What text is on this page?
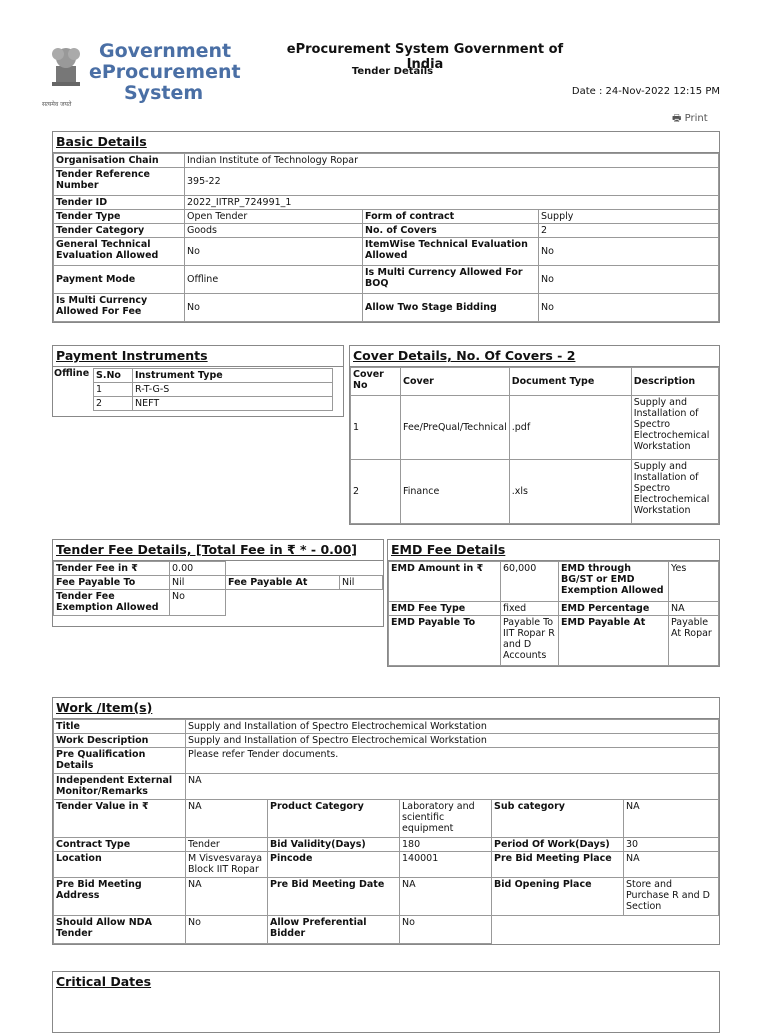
सत्यमेव जयते
Government
eProcurement
System
eProcurement System Government of India
Tender Details
Date : 24-Nov-2022 12:15 PM
🖶 Print
Basic Details
Organisation Chain	Indian Institute of Technology Ropar		
Tender Reference Number	395-22		
Tender ID	2022_IITRP_724991_1		
Tender Type	Open Tender	Form of contract	Supply
Tender Category	Goods	No. of Covers	2
General Technical Evaluation Allowed	No	ItemWise Technical Evaluation Allowed	No
Payment Mode	Offline	Is Multi Currency Allowed For BOQ	No
Is Multi Currency Allowed For Fee	No	Allow Two Stage Bidding	No
Payment Instruments
Offline S.No	Instrument Type
1	R-T-G-S
2	NEFT
Cover Details, No. Of Covers - 2
Cover No	Cover	Document Type	Description
1	Fee/PreQual/Technical	.pdf	Supply and Installation of Spectro Electrochemical Workstation
2	Finance	.xls	Supply and Installation of Spectro Electrochemical Workstation
Tender Fee Details, [Total Fee in ₹ * - 0.00]
Tender Fee in ₹	0.00		
Fee Payable To	Nil	Fee Payable At	Nil
Tender Fee Exemption Allowed	No		
EMD Fee Details
EMD Amount in ₹	60,000	EMD through BG/ST or EMD Exemption Allowed	Yes
EMD Fee Type	fixed	EMD Percentage	NA
EMD Payable To	Payable To IIT Ropar R and D Accounts	EMD Payable At	Payable At Ropar
Work /Item(s)
Title	Supply and Installation of Spectro Electrochemical Workstation				
Work Description	Supply and Installation of Spectro Electrochemical Workstation				
Pre Qualification Details	Please refer Tender documents.				
Independent External Monitor/Remarks	NA				
Tender Value in ₹	NA	Product Category	Laboratory and scientific equipment	Sub category	NA
Contract Type	Tender	Bid Validity(Days)	180	Period Of Work(Days)	30
Location	M Visvesvaraya Block IIT Ropar	Pincode	140001	Pre Bid Meeting Place	NA
Pre Bid Meeting Address	NA	Pre Bid Meeting Date	NA	Bid Opening Place	Store and Purchase R and D Section
Should Allow NDA Tender	No	Allow Preferential Bidder	No		
Critical Dates
